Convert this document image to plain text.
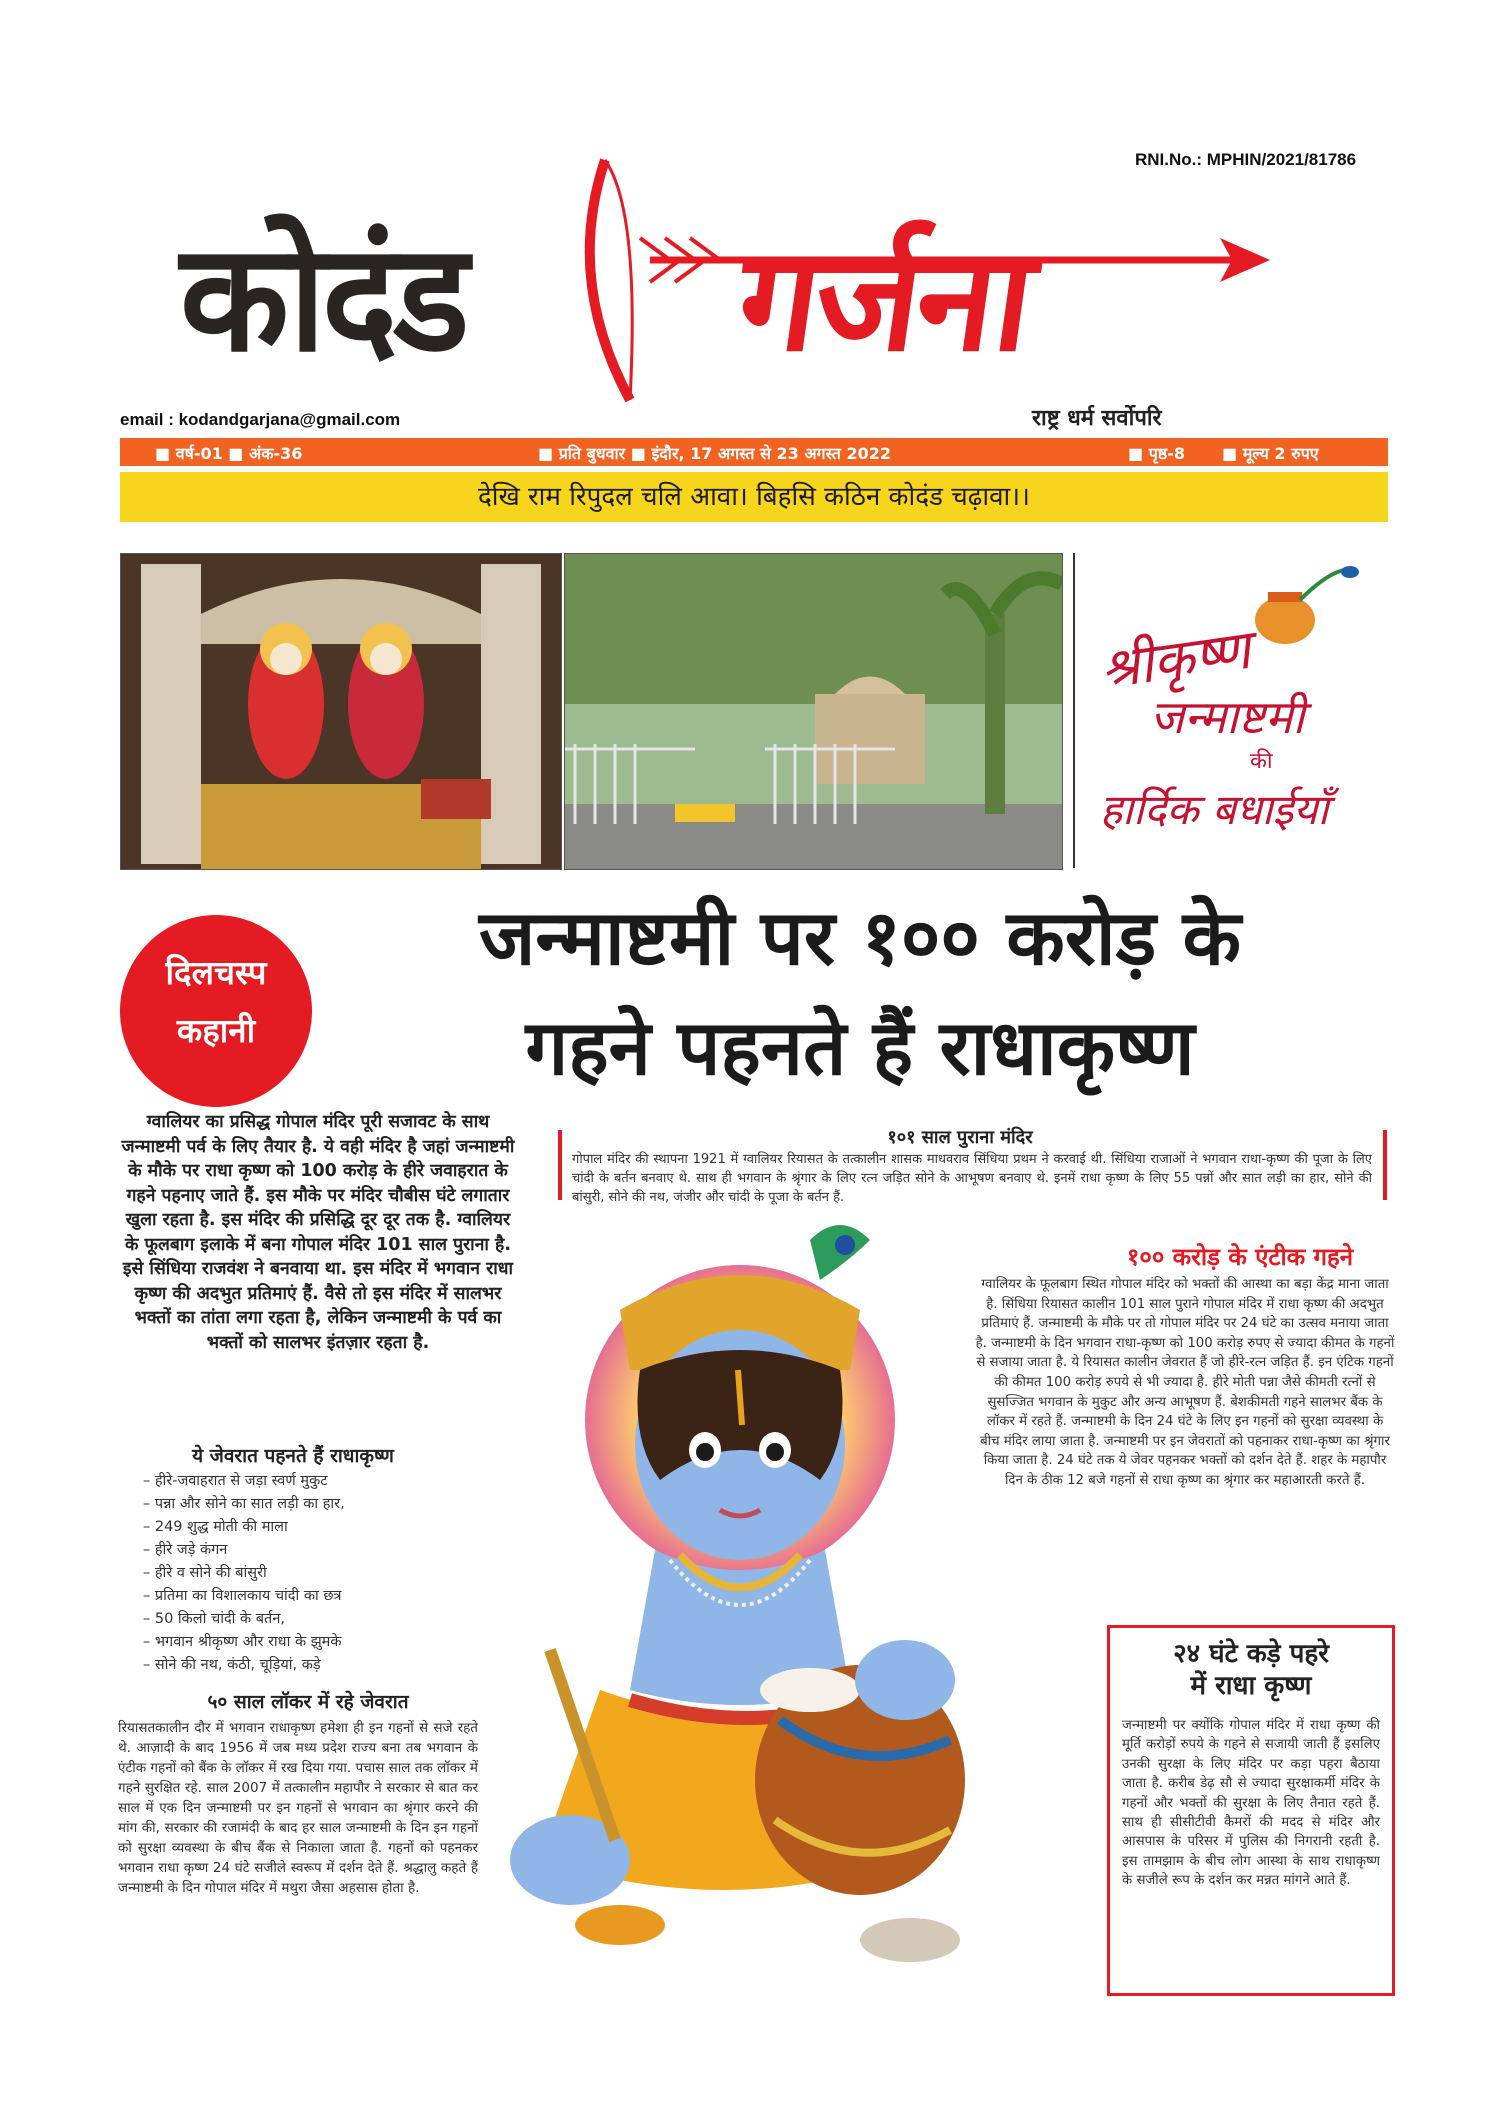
RNI.No.: MPHIN/2021/81786
कोदंड गर्जना
email : kodandgarjana@gmail.com	राष्ट्र धर्म सर्वोपरि
■ वर्ष-01 ■ अंक-36	■ प्रति बुधवार ■ इंदौर, 17 अगस्त से 23 अगस्त 2022	■ पृष्ठ-8 ■ मूल्य 2 रुपए
देखि राम रिपुदल चलि आवा। बिहसि कठिन कोदंड चढ़ावा।।
श्रीकृष्ण
जन्माष्टमी
की
हार्दिक बधाईयाँ
दिलचस्प
कहानी
जन्माष्टमी पर १०० करोड़ के
गहने पहनते हैं राधाकृष्ण
ग्वालियर का प्रसिद्ध गोपाल मंदिर पूरी सजावट के साथ जन्माष्टमी पर्व के लिए तैयार है. ये वही मंदिर है जहां जन्माष्टमी के मौके पर राधा कृष्ण को 100 करोड़ के हीरे जवाहरात के गहने पहनाए जाते हैं. इस मौके पर मंदिर चौबीस घंटे लगातार खुला रहता है. इस मंदिर की प्रसिद्धि दूर दूर तक है. ग्वालियर के फूलबाग इलाके में बना गोपाल मंदिर 101 साल पुराना है. इसे सिंधिया राजवंश ने बनवाया था. इस मंदिर में भगवान राधा कृष्ण की अदभुत प्रतिमाएं हैं. वैसे तो इस मंदिर में सालभर भक्तों का तांता लगा रहता है, लेकिन जन्माष्टमी के पर्व का भक्तों को सालभर इंतज़ार रहता है.
ये जेवरात पहनते हैं राधाकृष्ण
– हीरे-जवाहरात से जड़ा स्वर्ण मुकुट
– पन्ना और सोने का सात लड़ी का हार,
– 249 शुद्ध मोती की माला
– हीरे जड़े कंगन
– हीरे व सोने की बांसुरी
– प्रतिमा का विशालकाय चांदी का छत्र
– 50 किलो चांदी के बर्तन,
– भगवान श्रीकृष्ण और राधा के झुमके
– सोने की नथ, कंठी, चूड़ियां, कड़े
५० साल लॉकर में रहे जेवरात
रियासतकालीन दौर में भगवान राधाकृष्ण हमेशा ही इन गहनों से सजे रहते थे. आज़ादी के बाद 1956 में जब मध्य प्रदेश राज्य बना तब भगवान के एंटीक गहनों को बैंक के लॉकर में रख दिया गया. पचास साल तक लॉकर में गहने सुरक्षित रहे. साल 2007 में तत्कालीन महापौर ने सरकार से बात कर साल में एक दिन जन्माष्टमी पर इन गहनों से भगवान का श्रृंगार करने की मांग की, सरकार की रजामंदी के बाद हर साल जन्माष्टमी के दिन इन गहनों को सुरक्षा व्यवस्था के बीच बैंक से निकाला जाता है. गहनों को पहनकर भगवान राधा कृष्ण 24 घंटे सजीले स्वरूप में दर्शन देते हैं. श्रद्धालु कहते हैं जन्माष्टमी के दिन गोपाल मंदिर में मथुरा जैसा अहसास होता है.
१०१ साल पुराना मंदिर
गोपाल मंदिर की स्थापना 1921 में ग्वालियर रियासत के तत्कालीन शासक माधवराव सिंधिया प्रथम ने करवाई थी. सिंधिया राजाओं ने भगवान राधा-कृष्ण की पूजा के लिए चांदी के बर्तन बनवाए थे. साथ ही भगवान के श्रृंगार के लिए रत्न जड़ित सोने के आभूषण बनवाए थे. इनमें राधा कृष्ण के लिए 55 पन्नों और सात लड़ी का हार, सोने की बांसुरी, सोने की नथ, जंजीर और चांदी के पूजा के बर्तन हैं.
१०० करोड़ के एंटीक गहने
ग्वालियर के फूलबाग स्थित गोपाल मंदिर को भक्तों की आस्था का बड़ा केंद्र माना जाता है. सिंधिया रियासत कालीन 101 साल पुराने गोपाल मंदिर में राधा कृष्ण की अदभुत प्रतिमाएं हैं. जन्माष्टमी के मौके पर तो गोपाल मंदिर पर 24 घंटे का उत्सव मनाया जाता है. जन्माष्टमी के दिन भगवान राधा-कृष्ण को 100 करोड़ रुपए से ज्यादा कीमत के गहनों से सजाया जाता है. ये रियासत कालीन जेवरात हैं जो हीरे-रत्न जड़ित हैं. इन एंटिक गहनों की कीमत 100 करोड़ रुपये से भी ज्यादा है. हीरे मोती पन्ना जैसे कीमती रत्नों से सुसज्जित भगवान के मुकुट और अन्य आभूषण हैं. बेशकीमती गहने सालभर बैंक के लॉकर में रहते हैं. जन्माष्टमी के दिन 24 घंटे के लिए इन गहनों को सुरक्षा व्यवस्था के बीच मंदिर लाया जाता है. जन्माष्टमी पर इन जेवरातों को पहनाकर राधा-कृष्ण का श्रृंगार किया जाता है. 24 घंटे तक ये जेवर पहनकर भक्तों को दर्शन देते हैं. शहर के महापौर दिन के ठीक 12 बजे गहनों से राधा कृष्ण का श्रृंगार कर महाआरती करते हैं.
२४ घंटे कड़े पहरे
में राधा कृष्ण
जन्माष्टमी पर क्योंकि गोपाल मंदिर में राधा कृष्ण की मूर्ति करोड़ों रुपये के गहने से सजायी जाती हैं इसलिए उनकी सुरक्षा के लिए मंदिर पर कड़ा पहरा बैठाया जाता है. करीब डेढ़ सौ से ज्यादा सुरक्षाकर्मी मंदिर के गहनों और भक्तों की सुरक्षा के लिए तैनात रहते हैं. साथ ही सीसीटीवी कैमरों की मदद से मंदिर और आसपास के परिसर में पुलिस की निगरानी रहती है. इस तामझाम के बीच लोग आस्था के साथ राधाकृष्ण के सजीले रूप के दर्शन कर मन्नत मांगने आते हैं.
